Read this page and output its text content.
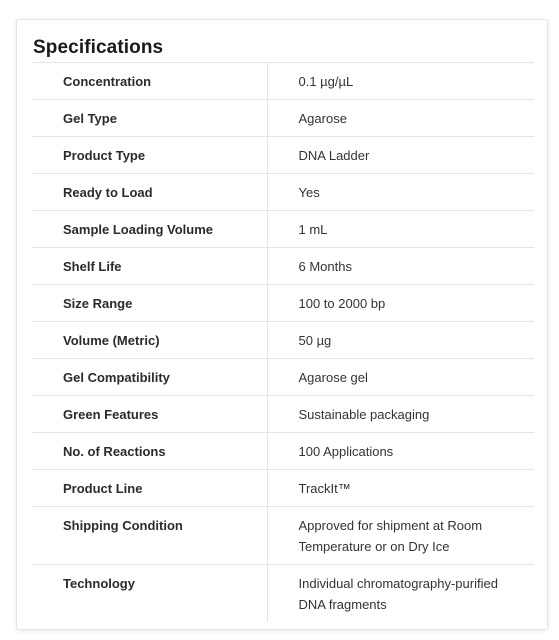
Specifications
Concentration	0.1 µg/µL
Gel Type	Agarose
Product Type	DNA Ladder
Ready to Load	Yes
Sample Loading Volume	1 mL
Shelf Life	6 Months
Size Range	100 to 2000 bp
Volume (Metric)	50 µg
Gel Compatibility	Agarose gel
Green Features	Sustainable packaging
No. of Reactions	100 Applications
Product Line	TrackIt™
Shipping Condition	Approved for shipment at Room Temperature or on Dry Ice
Technology	Individual chromatography-purified DNA fragments
